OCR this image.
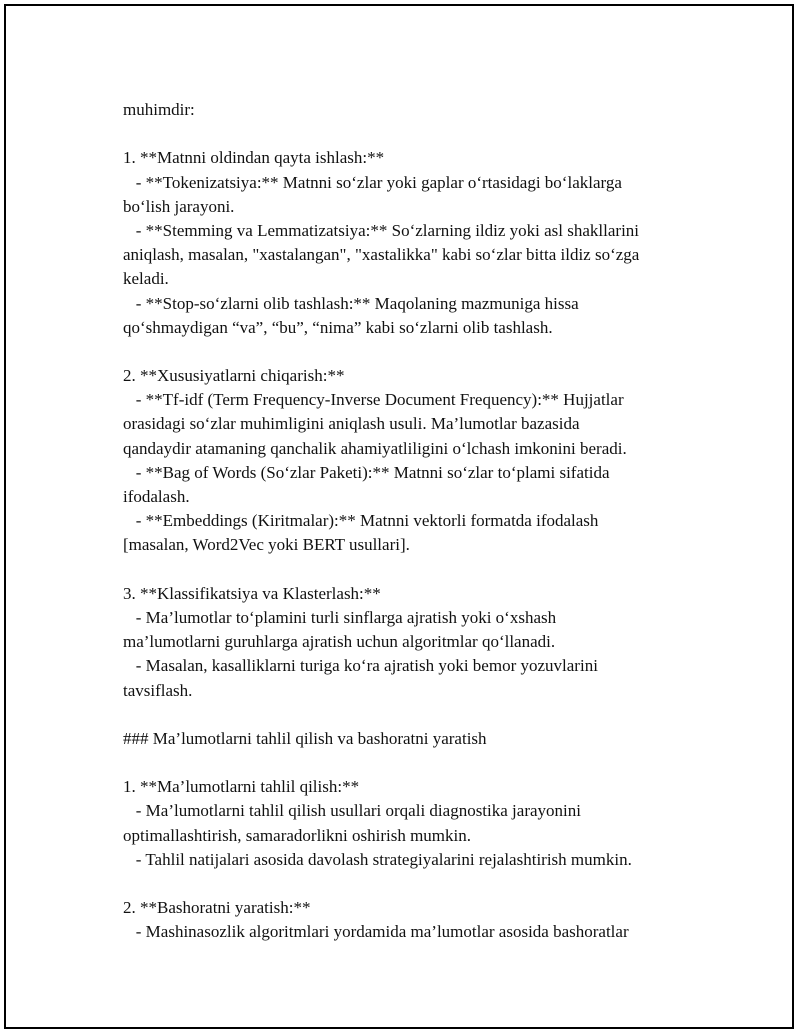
muhimdir:
1. **Matnni oldindan qayta ishlash:**
- **Tokenizatsiya:** Matnni so‘zlar yoki gaplar o‘rtasidagi bo‘laklarga
bo‘lish jarayoni.
- **Stemming va Lemmatizatsiya:** So‘zlarning ildiz yoki asl shakllarini
aniqlash, masalan, "xastalangan", "xastalikka" kabi so‘zlar bitta ildiz so‘zga
keladi.
- **Stop-so‘zlarni olib tashlash:** Maqolaning mazmuniga hissa
qo‘shmaydigan “va”, “bu”, “nima” kabi so‘zlarni olib tashlash.
2. **Xususiyatlarni chiqarish:**
- **Tf-idf (Term Frequency-Inverse Document Frequency):** Hujjatlar
orasidagi so‘zlar muhimligini aniqlash usuli. Ma’lumotlar bazasida
qandaydir atamaning qanchalik ahamiyatliligini o‘lchash imkonini beradi.
- **Bag of Words (So‘zlar Paketi):** Matnni so‘zlar to‘plami sifatida
ifodalash.
- **Embeddings (Kiritmalar):** Matnni vektorli formatda ifodalash
[masalan, Word2Vec yoki BERT usullari].
3. **Klassifikatsiya va Klasterlash:**
- Ma’lumotlar to‘plamini turli sinflarga ajratish yoki o‘xshash
ma’lumotlarni guruhlarga ajratish uchun algoritmlar qo‘llanadi.
- Masalan, kasalliklarni turiga ko‘ra ajratish yoki bemor yozuvlarini
tavsiflash.
### Ma’lumotlarni tahlil qilish va bashoratni yaratish
1. **Ma’lumotlarni tahlil qilish:**
- Ma’lumotlarni tahlil qilish usullari orqali diagnostika jarayonini
optimallashtirish, samaradorlikni oshirish mumkin.
- Tahlil natijalari asosida davolash strategiyalarini rejalashtirish mumkin.
2. **Bashoratni yaratish:**
- Mashinasozlik algoritmlari yordamida ma’lumotlar asosida bashoratlar
